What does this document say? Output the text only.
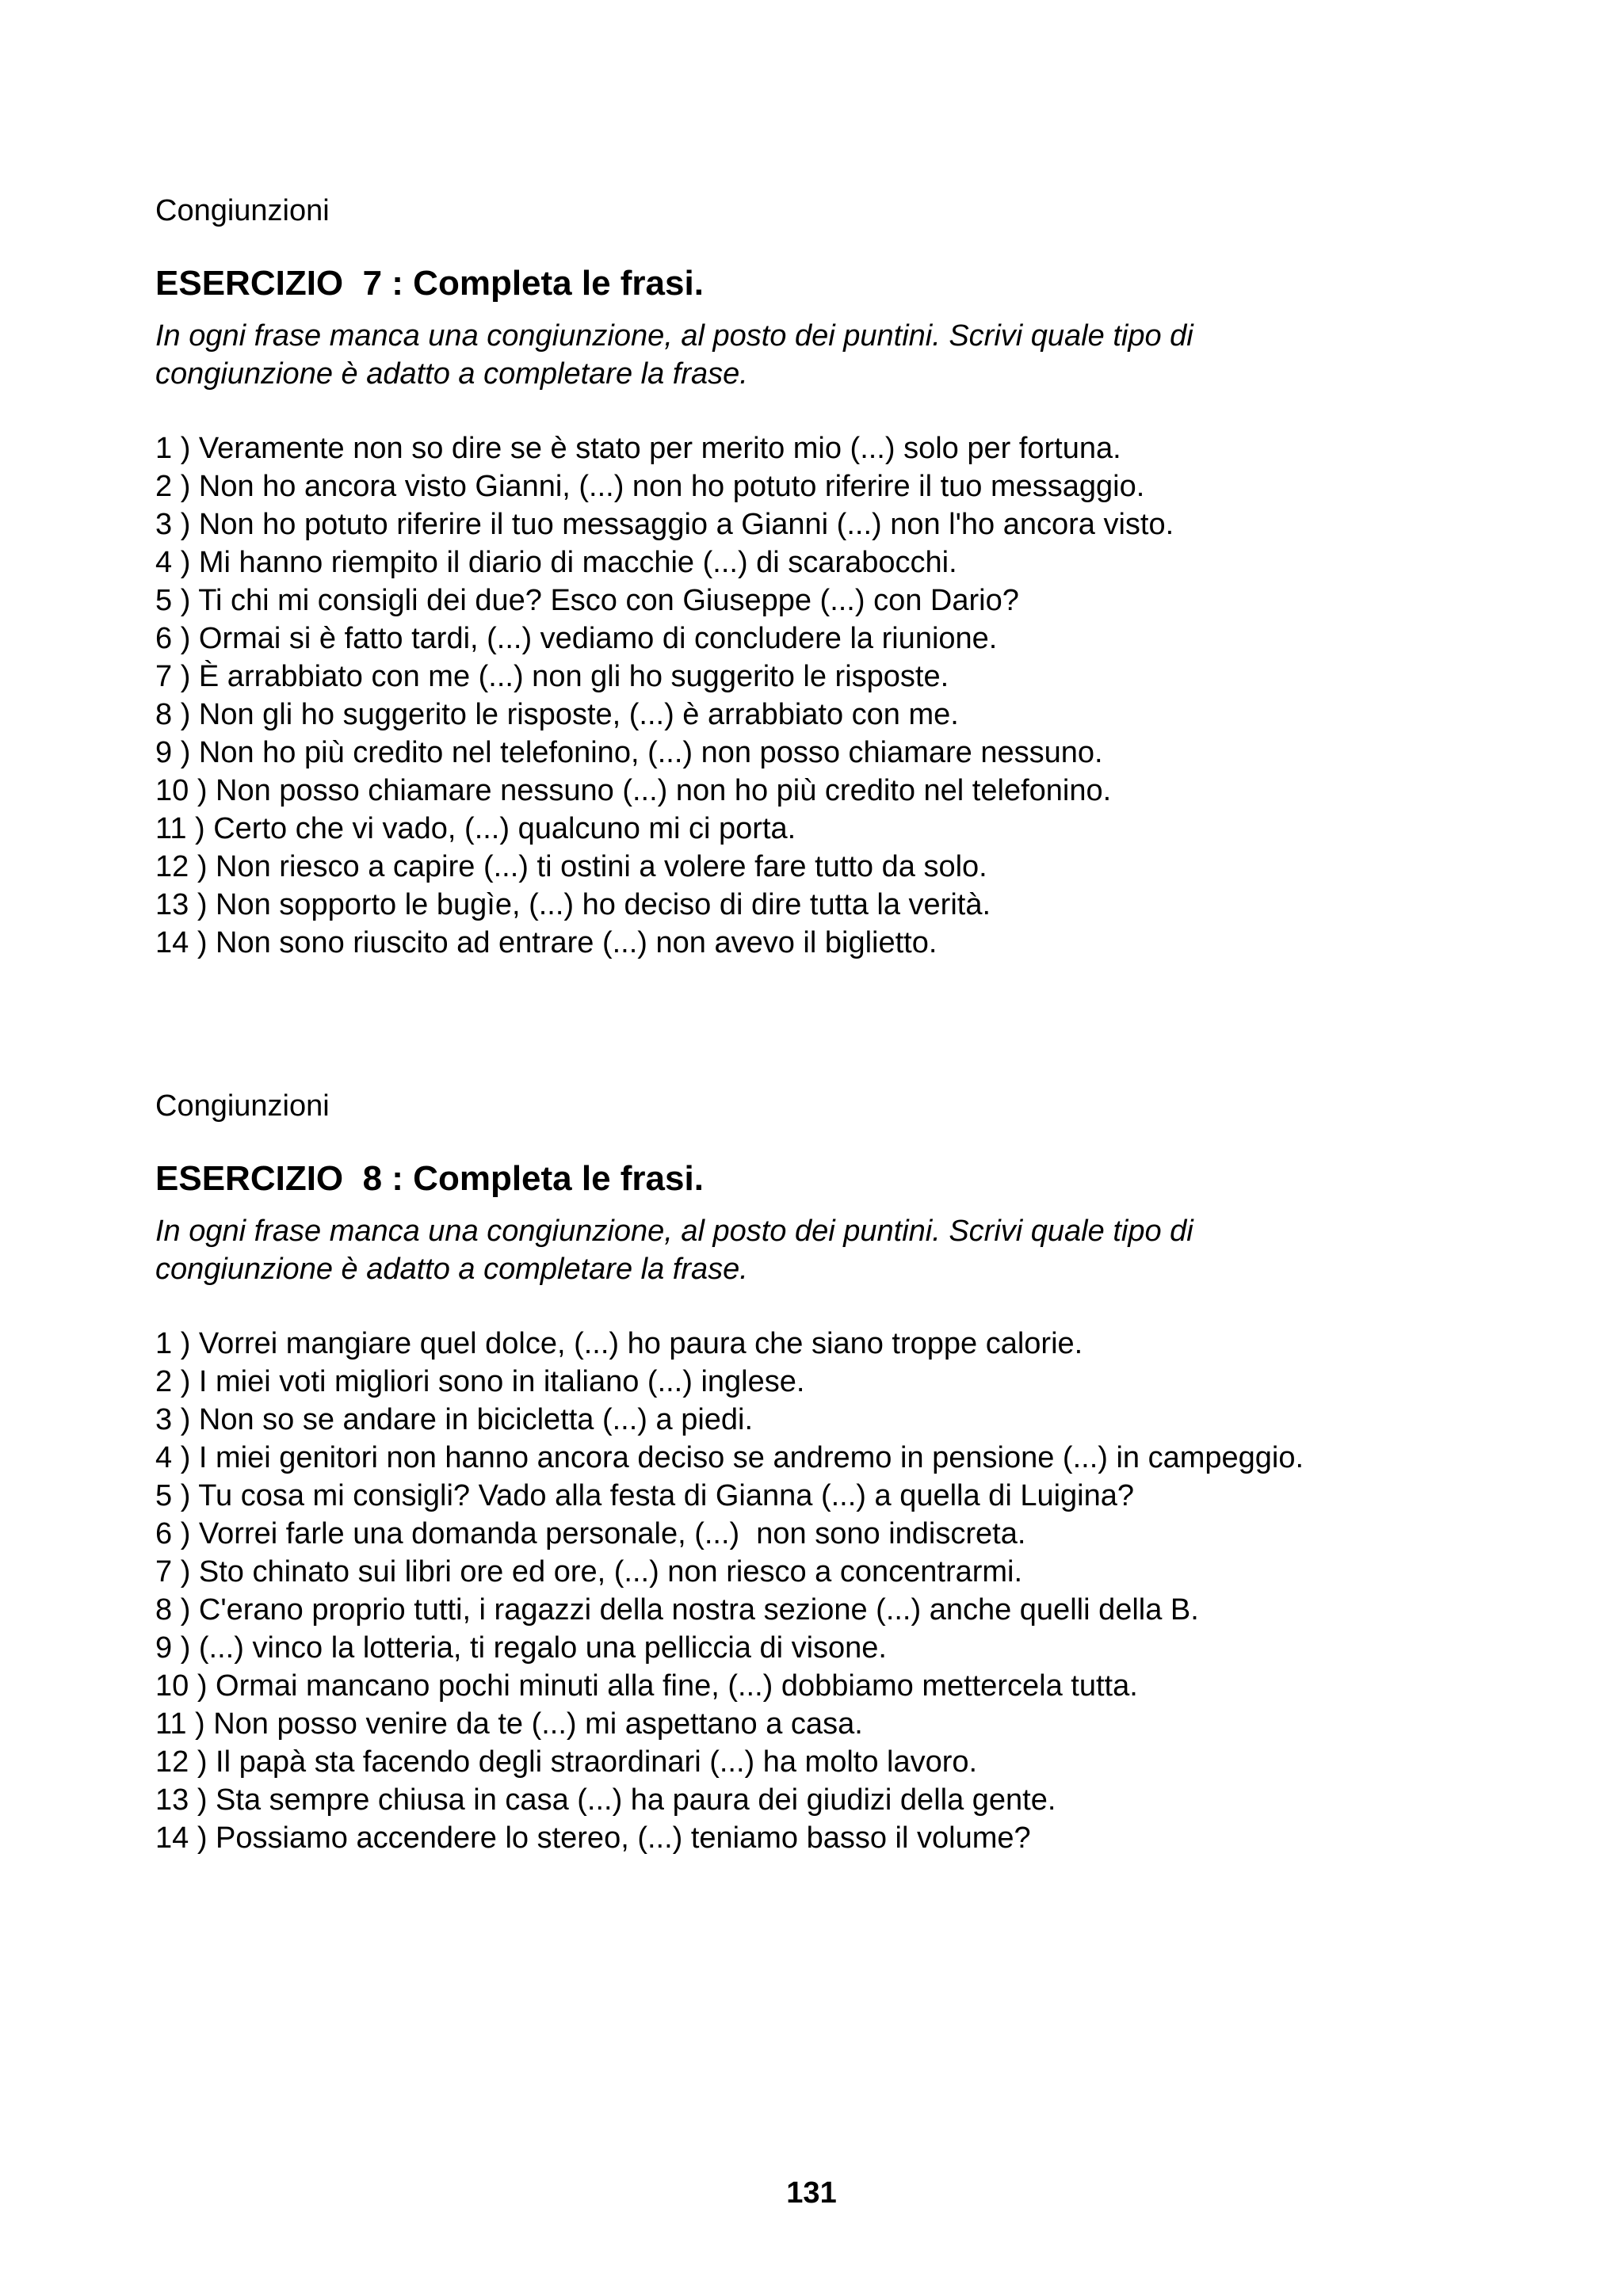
Congiunzioni

ESERCIZIO  7 : Completa le frasi.

In ogni frase manca una congiunzione, al posto dei puntini. Scrivi quale tipo di
congiunzione è adatto a completare la frase.

1 ) Veramente non so dire se è stato per merito mio (...) solo per fortuna.
2 ) Non ho ancora visto Gianni, (...) non ho potuto riferire il tuo messaggio.
3 ) Non ho potuto riferire il tuo messaggio a Gianni (...) non l'ho ancora visto.
4 ) Mi hanno riempito il diario di macchie (...) di scarabocchi.
5 ) Ti chi mi consigli dei due? Esco con Giuseppe (...) con Dario?
6 ) Ormai si è fatto tardi, (...) vediamo di concludere la riunione.
7 ) È arrabbiato con me (...) non gli ho suggerito le risposte.
8 ) Non gli ho suggerito le risposte, (...) è arrabbiato con me.
9 ) Non ho più credito nel telefonino, (...) non posso chiamare nessuno.
10 ) Non posso chiamare nessuno (...) non ho più credito nel telefonino.
11 ) Certo che vi vado, (...) qualcuno mi ci porta.
12 ) Non riesco a capire (...) ti ostini a volere fare tutto da solo.
13 ) Non sopporto le bugìe, (...) ho deciso di dire tutta la verità.
14 ) Non sono riuscito ad entrare (...) non avevo il biglietto.

Congiunzioni

ESERCIZIO  8 : Completa le frasi.

In ogni frase manca una congiunzione, al posto dei puntini. Scrivi quale tipo di
congiunzione è adatto a completare la frase.

1 ) Vorrei mangiare quel dolce, (...) ho paura che siano troppe calorie.
2 ) I miei voti migliori sono in italiano (...) inglese.
3 ) Non so se andare in bicicletta (...) a piedi.
4 ) I miei genitori non hanno ancora deciso se andremo in pensione (...) in campeggio.
5 ) Tu cosa mi consigli? Vado alla festa di Gianna (...) a quella di Luigina?
6 ) Vorrei farle una domanda personale, (...)  non sono indiscreta.
7 ) Sto chinato sui libri ore ed ore, (...) non riesco a concentrarmi.
8 ) C'erano proprio tutti, i ragazzi della nostra sezione (...) anche quelli della B.
9 ) (...) vinco la lotteria, ti regalo una pelliccia di visone.
10 ) Ormai mancano pochi minuti alla fine, (...) dobbiamo mettercela tutta.
11 ) Non posso venire da te (...) mi aspettano a casa.
12 ) Il papà sta facendo degli straordinari (...) ha molto lavoro.
13 ) Sta sempre chiusa in casa (...) ha paura dei giudizi della gente.
14 ) Possiamo accendere lo stereo, (...) teniamo basso il volume?
131
